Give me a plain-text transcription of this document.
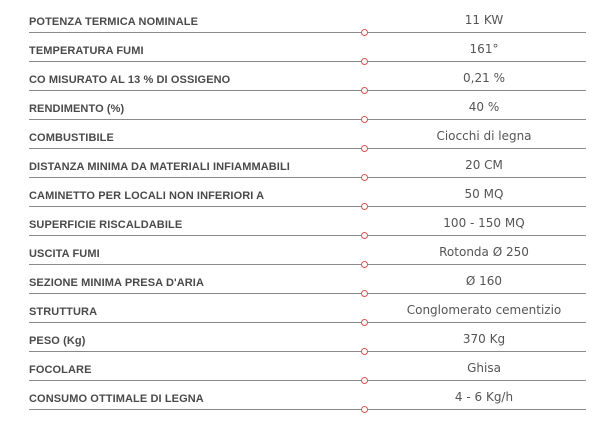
POTENZA TERMICA NOMINALE	11 KW
TEMPERATURA FUMI	161°
CO MISURATO AL 13 % DI OSSIGENO	0,21 %
RENDIMENTO (%)	40 %
COMBUSTIBILE	Ciocchi di legna
DISTANZA MINIMA DA MATERIALI INFIAMMABILI	20 CM
CAMINETTO PER LOCALI NON INFERIORI A	50 MQ
SUPERFICIE RISCALDABILE	100 - 150 MQ
USCITA FUMI	Rotonda Ø 250
SEZIONE MINIMA PRESA D'ARIA	Ø 160
STRUTTURA	Conglomerato cementizio
PESO (Kg)	370 Kg
FOCOLARE	Ghisa
CONSUMO OTTIMALE DI LEGNA	4 - 6 Kg/h
